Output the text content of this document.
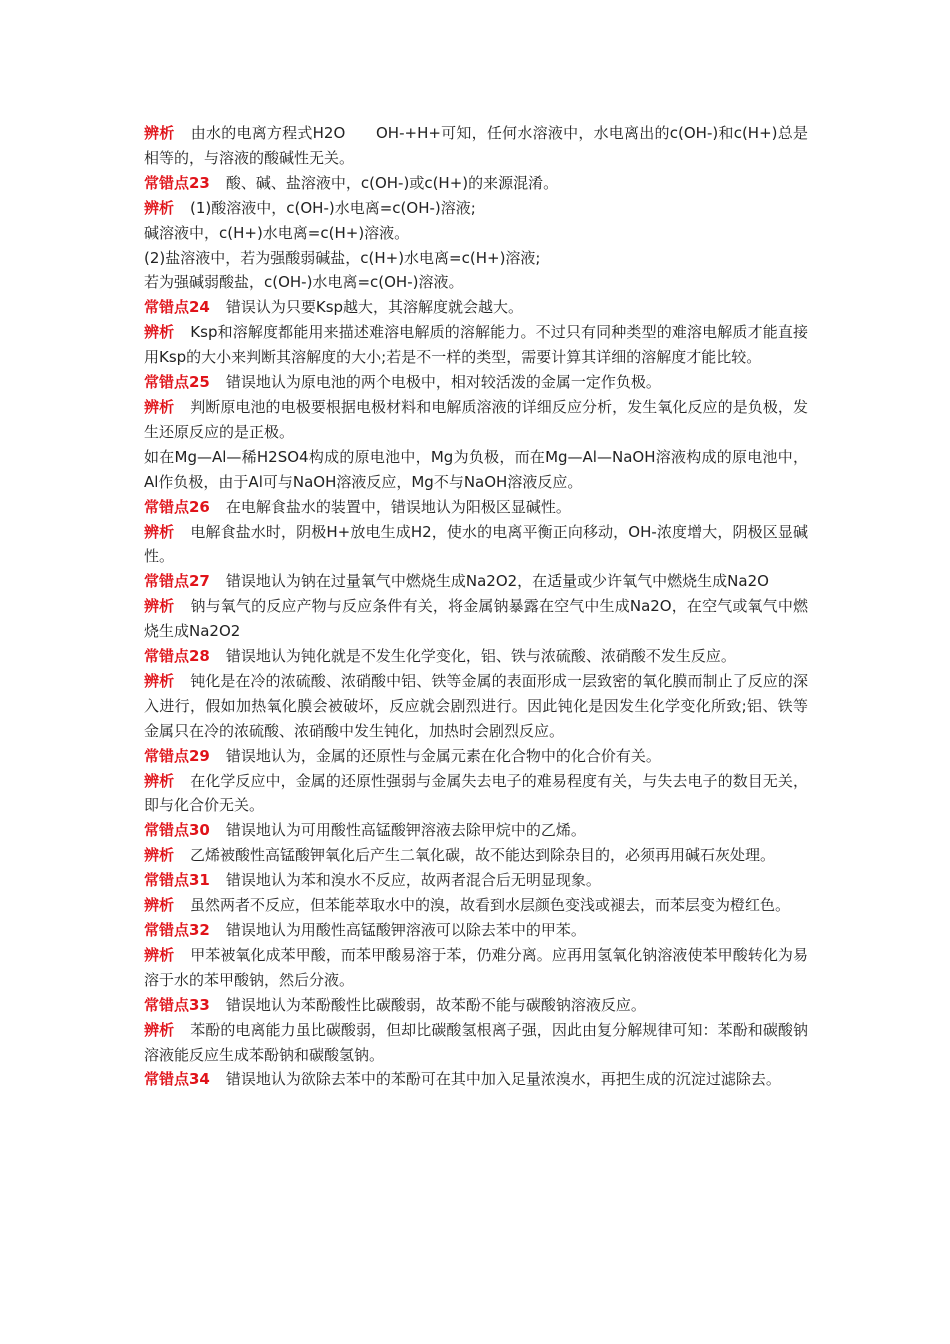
辨析 由水的电离方程式H2O　　OH-+H+可知，任何水溶液中，水电离出的c(OH-)和c(H+)总是相等的，与溶液的酸碱性无关。

常错点23 酸、碱、盐溶液中，c(OH-)或c(H+)的来源混淆。

辨析 (1)酸溶液中，c(OH-)水电离=c(OH-)溶液;

碱溶液中，c(H+)水电离=c(H+)溶液。

(2)盐溶液中，若为强酸弱碱盐，c(H+)水电离=c(H+)溶液;

若为强碱弱酸盐，c(OH-)水电离=c(OH-)溶液。

常错点24 错误认为只要Ksp越大，其溶解度就会越大。

辨析 Ksp和溶解度都能用来描述难溶电解质的溶解能力。不过只有同种类型的难溶电解质才能直接用Ksp的大小来判断其溶解度的大小;若是不一样的类型，需要计算其详细的溶解度才能比较。

常错点25 错误地认为原电池的两个电极中，相对较活泼的金属一定作负极。

辨析 判断原电池的电极要根据电极材料和电解质溶液的详细反应分析，发生氧化反应的是负极，发生还原反应的是正极。

如在Mg—Al—稀H2SO4构成的原电池中，Mg为负极，而在Mg—Al—NaOH溶液构成的原电池中，Al作负极，由于Al可与NaOH溶液反应，Mg不与NaOH溶液反应。

常错点26 在电解食盐水的装置中，错误地认为阳极区显碱性。

辨析 电解食盐水时，阴极H+放电生成H2，使水的电离平衡正向移动，OH-浓度增大，阴极区显碱性。

常错点27 错误地认为钠在过量氧气中燃烧生成Na2O2，在适量或少许氧气中燃烧生成Na2O

辨析 钠与氧气的反应产物与反应条件有关，将金属钠暴露在空气中生成Na2O，在空气或氧气中燃烧生成Na2O2

常错点28 错误地认为钝化就是不发生化学变化，铝、铁与浓硫酸、浓硝酸不发生反应。

辨析 钝化是在冷的浓硫酸、浓硝酸中铝、铁等金属的表面形成一层致密的氧化膜而制止了反应的深入进行，假如加热氧化膜会被破坏，反应就会剧烈进行。因此钝化是因发生化学变化所致;铝、铁等金属只在冷的浓硫酸、浓硝酸中发生钝化，加热时会剧烈反应。

常错点29 错误地认为，金属的还原性与金属元素在化合物中的化合价有关。

辨析 在化学反应中，金属的还原性强弱与金属失去电子的难易程度有关，与失去电子的数目无关，即与化合价无关。

常错点30 错误地认为可用酸性高锰酸钾溶液去除甲烷中的乙烯。

辨析 乙烯被酸性高锰酸钾氧化后产生二氧化碳，故不能达到除杂目的，必须再用碱石灰处理。

常错点31 错误地认为苯和溴水不反应，故两者混合后无明显现象。

辨析 虽然两者不反应，但苯能萃取水中的溴，故看到水层颜色变浅或褪去，而苯层变为橙红色。

常错点32 错误地认为用酸性高锰酸钾溶液可以除去苯中的甲苯。

辨析 甲苯被氧化成苯甲酸，而苯甲酸易溶于苯，仍难分离。应再用氢氧化钠溶液使苯甲酸转化为易溶于水的苯甲酸钠，然后分液。

常错点33 错误地认为苯酚酸性比碳酸弱，故苯酚不能与碳酸钠溶液反应。

辨析 苯酚的电离能力虽比碳酸弱，但却比碳酸氢根离子强，因此由复分解规律可知：苯酚和碳酸钠溶液能反应生成苯酚钠和碳酸氢钠。

常错点34 错误地认为欲除去苯中的苯酚可在其中加入足量浓溴水，再把生成的沉淀过滤除去。
